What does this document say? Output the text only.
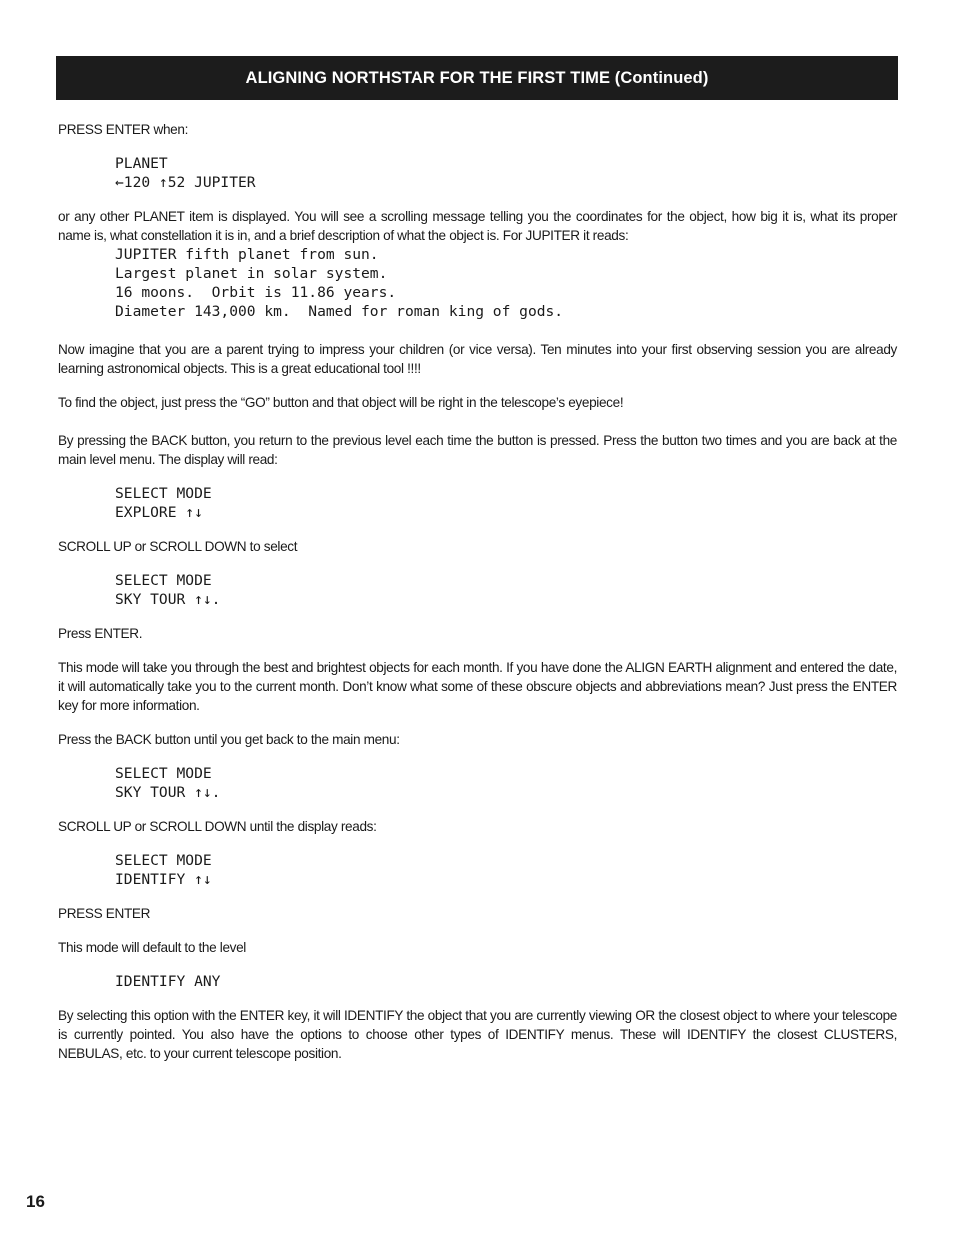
ALIGNING NORTHSTAR FOR THE FIRST TIME (Continued)

PRESS ENTER when:

PLANET

←120 ↑52 JUPITER

or any other PLANET item is displayed. You will see a scrolling message telling you the coordinates for the object, how big it is, what its proper name is, what constellation it is in, and a brief description of what the object is. For JUPITER it reads:

JUPITER fifth planet from sun.

Largest planet in solar system.

16 moons.  Orbit is 11.86 years.

Diameter 143,000 km.  Named for roman king of gods.

Now imagine that you are a parent trying to impress your children (or vice versa). Ten minutes into your first observing session you are already learning astronomical objects. This is a great educational tool !!!!

To find the object, just press the “GO” button and that object will be right in the telescope’s eyepiece!

By pressing the BACK button, you return to the previous level each time the button is pressed. Press the button two times and you are back at the main level menu. The display will read:

SELECT MODE

EXPLORE ↑↓

SCROLL UP or SCROLL DOWN to select

SELECT MODE

SKY TOUR ↑↓.

Press ENTER.

This mode will take you through the best and brightest objects for each month. If you have done the ALIGN EARTH alignment and entered the date, it will automatically take you to the current month. Don’t know what some of these obscure objects and abbreviations mean? Just press the ENTER key for more information.

Press the BACK button until you get back to the main menu:

SELECT MODE

SKY TOUR ↑↓.

SCROLL UP or SCROLL DOWN until the display reads:

SELECT MODE

IDENTIFY ↑↓

PRESS ENTER

This mode will default to the level

IDENTIFY ANY

By selecting this option with the ENTER key, it will IDENTIFY the object that you are currently viewing OR the closest object to where your telescope is currently pointed. You also have the options to choose other types of IDENTIFY menus. These will IDENTIFY the closest CLUSTERS, NEBULAS, etc. to your current telescope position.

16
